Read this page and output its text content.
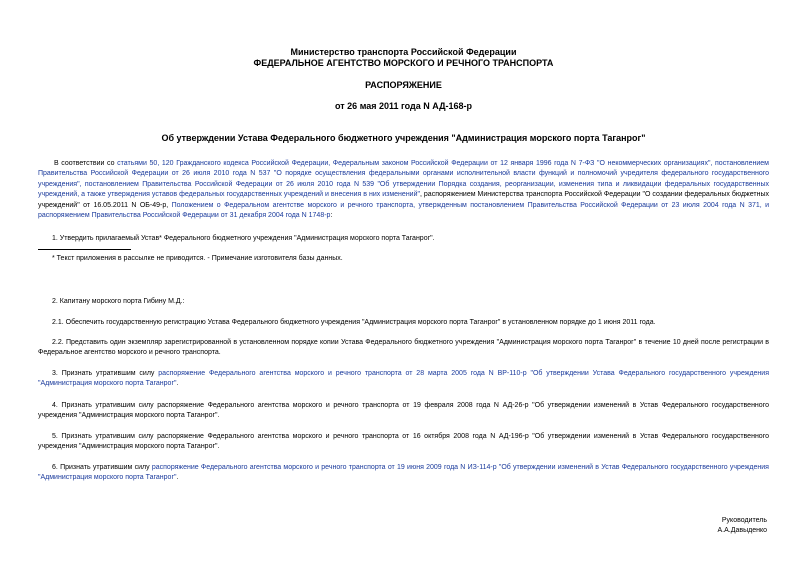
Министерство транспорта Российской Федерации
ФЕДЕРАЛЬНОЕ АГЕНТСТВО МОРСКОГО И РЕЧНОГО ТРАНСПОРТА
РАСПОРЯЖЕНИЕ
от 26 мая 2011 года N АД-168-р
Об утверждении Устава Федерального бюджетного учреждения "Администрация морского порта Таганрог"

В соответствии со статьями 50, 120 Гражданского кодекса Российской Федерации, Федеральным законом Российской Федерации от 12 января 1996 года N 7-ФЗ "О некоммерческих организациях", постановлением Правительства Российской Федерации от 26 июля 2010 года N 537 "О порядке осуществления федеральными органами исполнительной власти функций и полномочий учредителя федерального государственного учреждения", постановлением Правительства Российской Федерации от 26 июля 2010 года N 539 "Об утверждении Порядка создания, реорганизации, изменения типа и ликвидации федеральных государственных учреждений, а также утверждения уставов федеральных государственных учреждений и внесения в них изменений", распоряжением Министерства транспорта Российской Федерации "О создании федеральных бюджетных учреждений" от 16.05.2011 N ОБ-49-р, Положением о Федеральном агентстве морского и речного транспорта, утвержденным постановлением Правительства Российской Федерации от 23 июля 2004 года N 371, и распоряжением Правительства Российской Федерации от 31 декабря 2004 года N 1748-р:

1. Утвердить прилагаемый Устав* Федерального бюджетного учреждения "Администрация морского порта Таганрог".

* Текст приложения в рассылке не приводится. - Примечание изготовителя базы данных.

2. Капитану морского порта Гибину М.Д.:

2.1. Обеспечить государственную регистрацию Устава Федерального бюджетного учреждения "Администрация морского порта Таганрог" в установленном порядке до 1 июня 2011 года.

2.2. Представить один экземпляр зарегистрированной в установленном порядке копии Устава Федерального бюджетного учреждения "Администрация морского порта Таганрог" в течение 10 дней после регистрации в Федеральное агентство морского и речного транспорта.

3. Признать утратившим силу распоряжение Федерального агентства морского и речного транспорта от 28 марта 2005 года N ВР-110-р "Об утверждении Устава Федерального государственного учреждения "Администрация морского порта Таганрог".

4. Признать утратившим силу распоряжение Федерального агентства морского и речного транспорта от 19 февраля 2008 года N АД-26-р "Об утверждении изменений в Устав Федерального государственного учреждения "Администрация морского порта Таганрог".

5. Признать утратившим силу распоряжение Федерального агентства морского и речного транспорта от 16 октября 2008 года N АД-196-р "Об утверждении изменений в Устав Федерального государственного учреждения "Администрация морского порта Таганрог".

6. Признать утратившим силу распоряжение Федерального агентства морского и речного транспорта от 19 июня 2009 года N ИЗ-114-р "Об утверждении изменений в Устав Федерального государственного учреждения "Администрация морского порта Таганрог".

Руководитель
А.А.Давыденко
